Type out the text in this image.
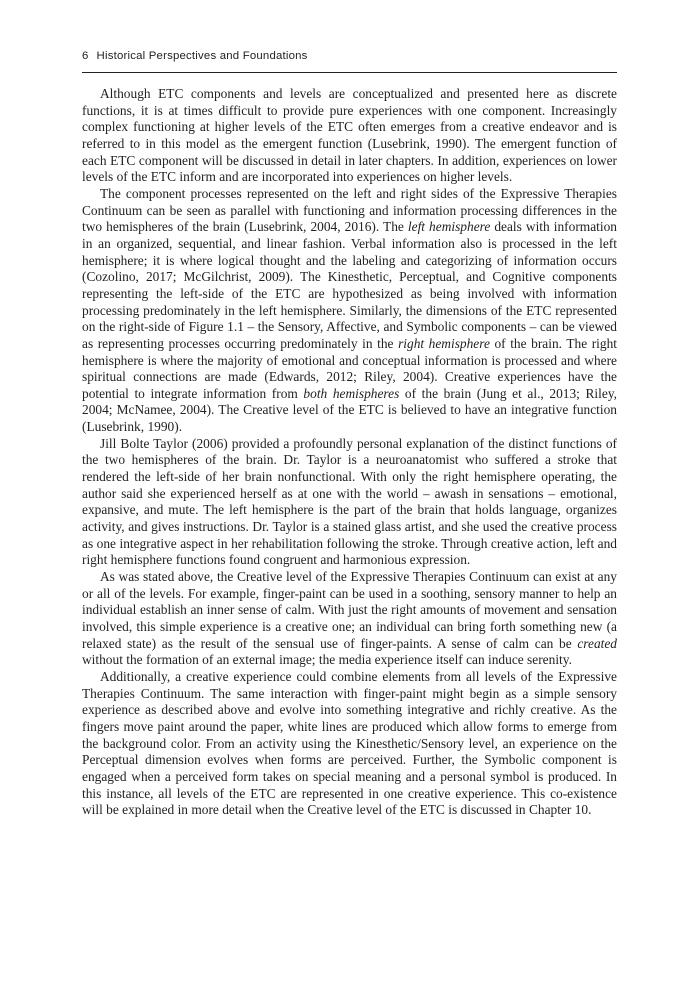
6 Historical Perspectives and Foundations

Although ETC components and levels are conceptualized and presented here as discrete functions, it is at times difficult to provide pure experiences with one component. Increasingly complex functioning at higher levels of the ETC often emerges from a creative endeavor and is referred to in this model as the emergent function (Lusebrink, 1990). The emergent function of each ETC component will be discussed in detail in later chapters. In addition, experiences on lower levels of the ETC inform and are incorporated into experiences on higher levels.

The component processes represented on the left and right sides of the Expressive Therapies Continuum can be seen as parallel with functioning and information processing differences in the two hemispheres of the brain (Lusebrink, 2004, 2016). The left hemisphere deals with information in an organized, sequential, and linear fashion. Verbal information also is processed in the left hemisphere; it is where logical thought and the labeling and categorizing of information occurs (Cozolino, 2017; McGilchrist, 2009). The Kinesthetic, Perceptual, and Cognitive components representing the left-side of the ETC are hypothesized as being involved with information processing predominately in the left hemisphere. Similarly, the dimensions of the ETC represented on the right-side of Figure 1.1 – the Sensory, Affective, and Symbolic components – can be viewed as representing processes occurring predominately in the right hemisphere of the brain. The right hemisphere is where the majority of emotional and conceptual information is processed and where spiritual connections are made (Edwards, 2012; Riley, 2004). Creative experiences have the potential to integrate information from both hemispheres of the brain (Jung et al., 2013; Riley, 2004; McNamee, 2004). The Creative level of the ETC is believed to have an integrative function (Lusebrink, 1990).

Jill Bolte Taylor (2006) provided a profoundly personal explanation of the distinct functions of the two hemispheres of the brain. Dr. Taylor is a neuroanatomist who suffered a stroke that rendered the left-side of her brain nonfunctional. With only the right hemisphere operating, the author said she experienced herself as at one with the world – awash in sensations – emotional, expansive, and mute. The left hemisphere is the part of the brain that holds language, organizes activity, and gives instructions. Dr. Taylor is a stained glass artist, and she used the creative process as one integrative aspect in her rehabilitation following the stroke. Through creative action, left and right hemisphere functions found congruent and harmonious expression.

As was stated above, the Creative level of the Expressive Therapies Continuum can exist at any or all of the levels. For example, finger-paint can be used in a soothing, sensory manner to help an individual establish an inner sense of calm. With just the right amounts of movement and sensation involved, this simple experience is a creative one; an individual can bring forth something new (a relaxed state) as the result of the sensual use of finger-paints. A sense of calm can be created without the formation of an external image; the media experience itself can induce serenity.

Additionally, a creative experience could combine elements from all levels of the Expressive Therapies Continuum. The same interaction with finger-paint might begin as a simple sensory experience as described above and evolve into something integrative and richly creative. As the fingers move paint around the paper, white lines are produced which allow forms to emerge from the background color. From an activity using the Kinesthetic/Sensory level, an experience on the Perceptual dimension evolves when forms are perceived. Further, the Symbolic component is engaged when a perceived form takes on special meaning and a personal symbol is produced. In this instance, all levels of the ETC are represented in one creative experience. This co-existence will be explained in more detail when the Creative level of the ETC is discussed in Chapter 10.
